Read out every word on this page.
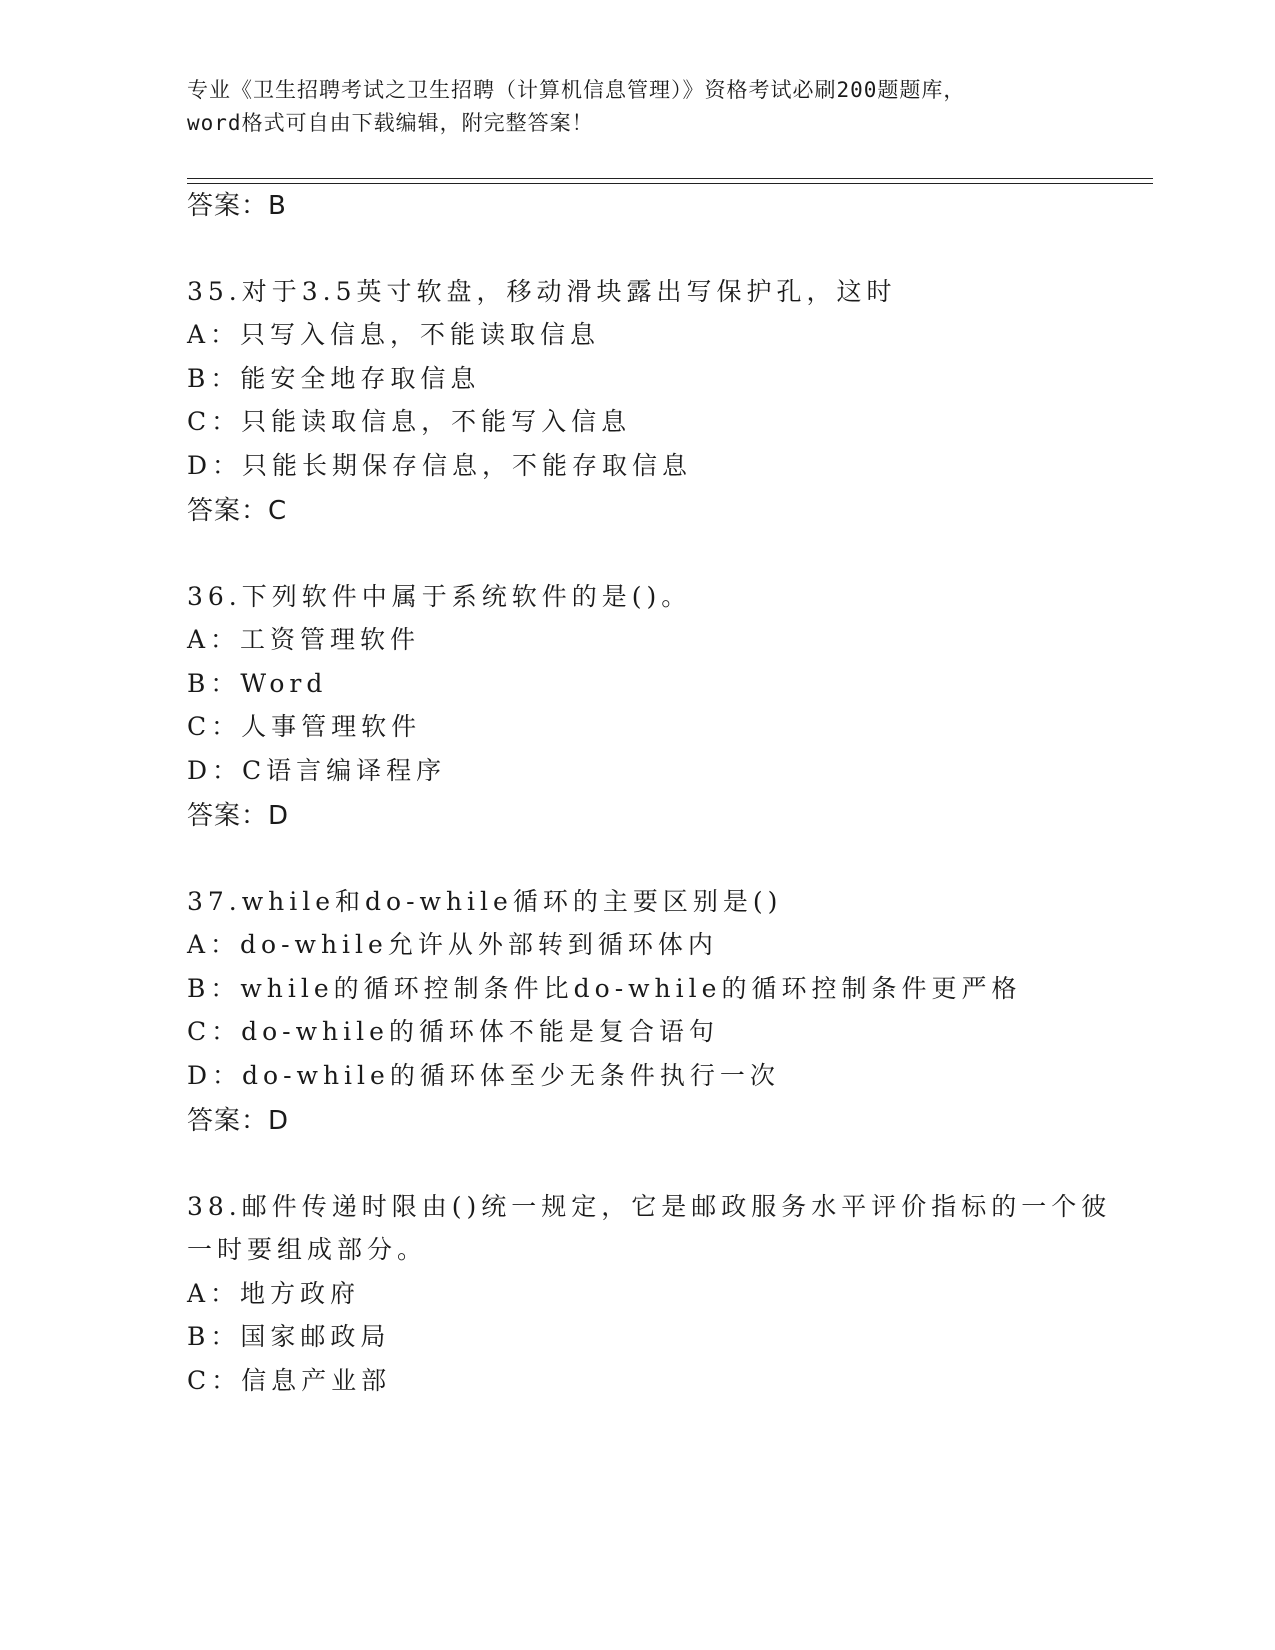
专业《卫生招聘考试之卫生招聘（计算机信息管理）》资格考试必刷200题题库，
word格式可自由下载编辑，附完整答案！
答案：B
35.对于3.5英寸软盘，移动滑块露出写保护孔，这时
A：只写入信息，不能读取信息
B：能安全地存取信息
C：只能读取信息，不能写入信息
D：只能长期保存信息，不能存取信息
答案：C
36.下列软件中属于系统软件的是()。
A：工资管理软件
B：Word
C：人事管理软件
D：C语言编译程序
答案：D
37.while和do-while循环的主要区别是()
A：do-while允许从外部转到循环体内
B：while的循环控制条件比do-while的循环控制条件更严格
C：do-while的循环体不能是复合语句
D：do-while的循环体至少无条件执行一次
答案：D
38.邮件传递时限由()统一规定，它是邮政服务水平评价指标的一个彼
一时要组成部分。
A：地方政府
B：国家邮政局
C：信息产业部
